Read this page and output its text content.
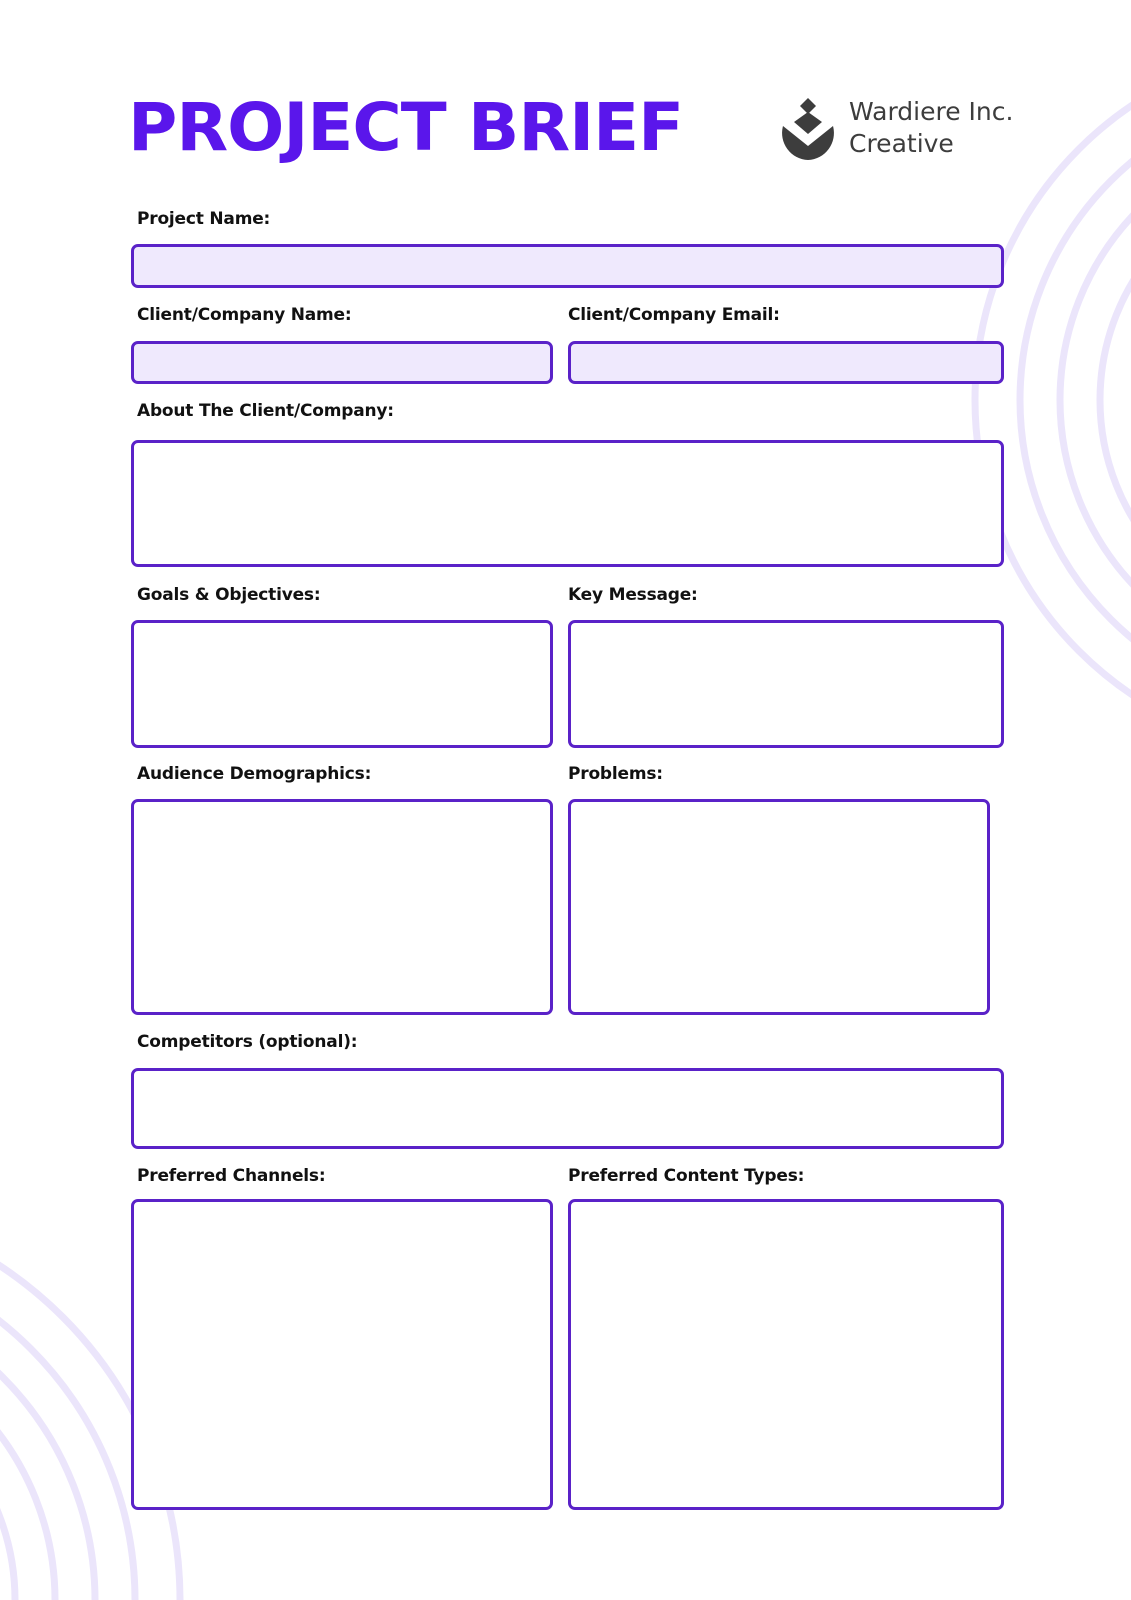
PROJECT BRIEF	Wardiere Inc.
Creative
Project Name:
Client/Company Name:	Client/Company Email:
About The Client/Company:
Goals & Objectives:	Key Message:
Audience Demographics:	Problems:
Competitors (optional):
Preferred Channels:	Preferred Content Types:
